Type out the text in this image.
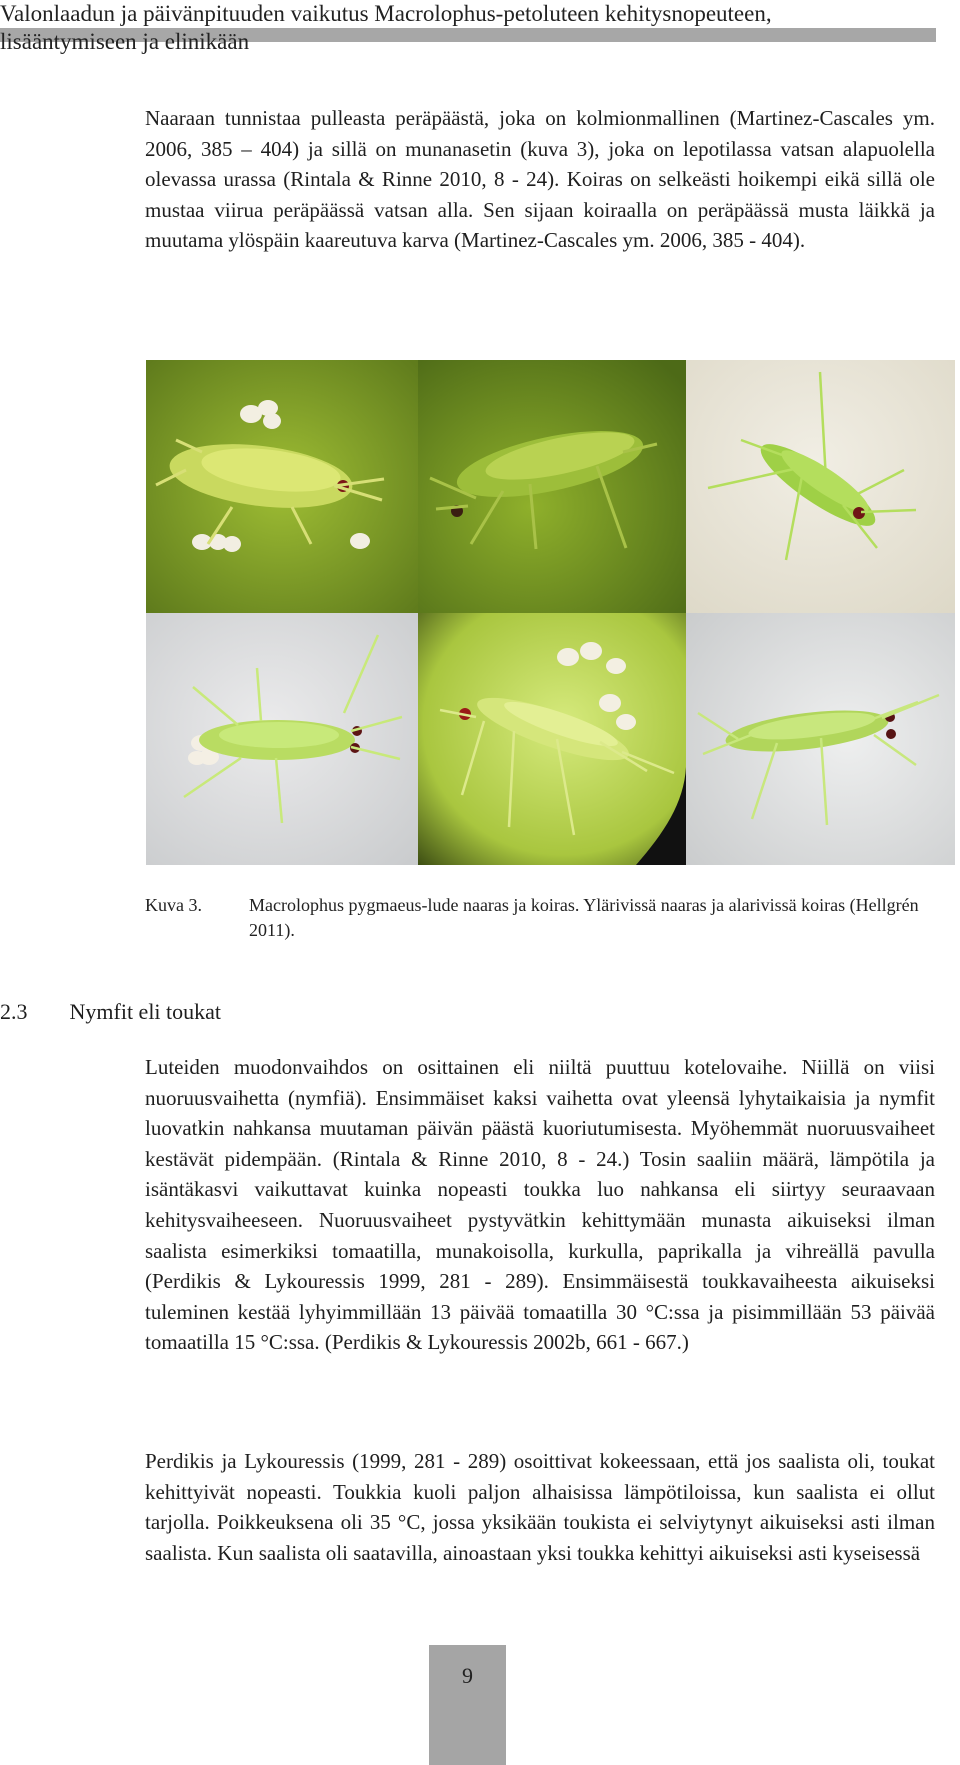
Valonlaadun ja päivänpituuden vaikutus Macrolophus-petoluteen kehitysnopeuteen,
lisääntymiseen ja elinikään

Naaraan tunnistaa pulleasta peräpäästä, joka on kolmionmallinen (Martinez-Cascales ym. 2006, 385 – 404) ja sillä on munanasetin (kuva 3), joka on lepotilassa vatsan alapuolella olevassa urassa (Rintala & Rinne 2010, 8 - 24). Koiras on selkeästi hoikempi eikä sillä ole mustaa viirua peräpäässä vatsan alla. Sen sijaan koiraalla on peräpäässä musta läikkä ja muutama ylöspäin kaareutuva karva (Martinez-Cascales ym. 2006, 385 - 404).

Kuva 3.	Macrolophus pygmaeus-lude naaras ja koiras. Ylärivissä naaras ja alarivissä koiras (Hellgrén 2011).
2.3 Nymfit eli toukat

Luteiden muodonvaihdos on osittainen eli niiltä puuttuu kotelovaihe. Niillä on viisi nuoruusvaihetta (nymfiä). Ensimmäiset kaksi vaihetta ovat yleensä lyhytaikaisia ja nymfit luovatkin nahkansa muutaman päivän päästä kuoriutumisesta. Myöhemmät nuoruusvaiheet kestävät pidempään. (Rintala & Rinne 2010, 8 - 24.) Tosin saaliin määrä, lämpötila ja isäntäkasvi vaikuttavat kuinka nopeasti toukka luo nahkansa eli siirtyy seuraavaan kehitysvaiheeseen. Nuoruusvaiheet pystyvätkin kehittymään munasta aikuiseksi ilman saalista esimerkiksi tomaatilla, munakoisolla, kurkulla, paprikalla ja vihreällä pavulla (Perdikis & Lykouressis 1999, 281 - 289). Ensimmäisestä toukkavaiheesta aikuiseksi tuleminen kestää lyhyimmillään 13 päivää tomaatilla 30 °C:ssa ja pisimmillään 53 päivää tomaatilla 15 °C:ssa. (Perdikis & Lykouressis 2002b, 661 - 667.)

Perdikis ja Lykouressis (1999, 281 - 289) osoittivat kokeessaan, että jos saalista oli, toukat kehittyivät nopeasti. Toukkia kuoli paljon alhaisissa lämpötiloissa, kun saalista ei ollut tarjolla. Poikkeuksena oli 35 °C, jossa yksikään toukista ei selviytynyt aikuiseksi asti ilman saalista. Kun saalista oli saatavilla, ainoastaan yksi toukka kehittyi aikuiseksi asti kyseisessä

9
